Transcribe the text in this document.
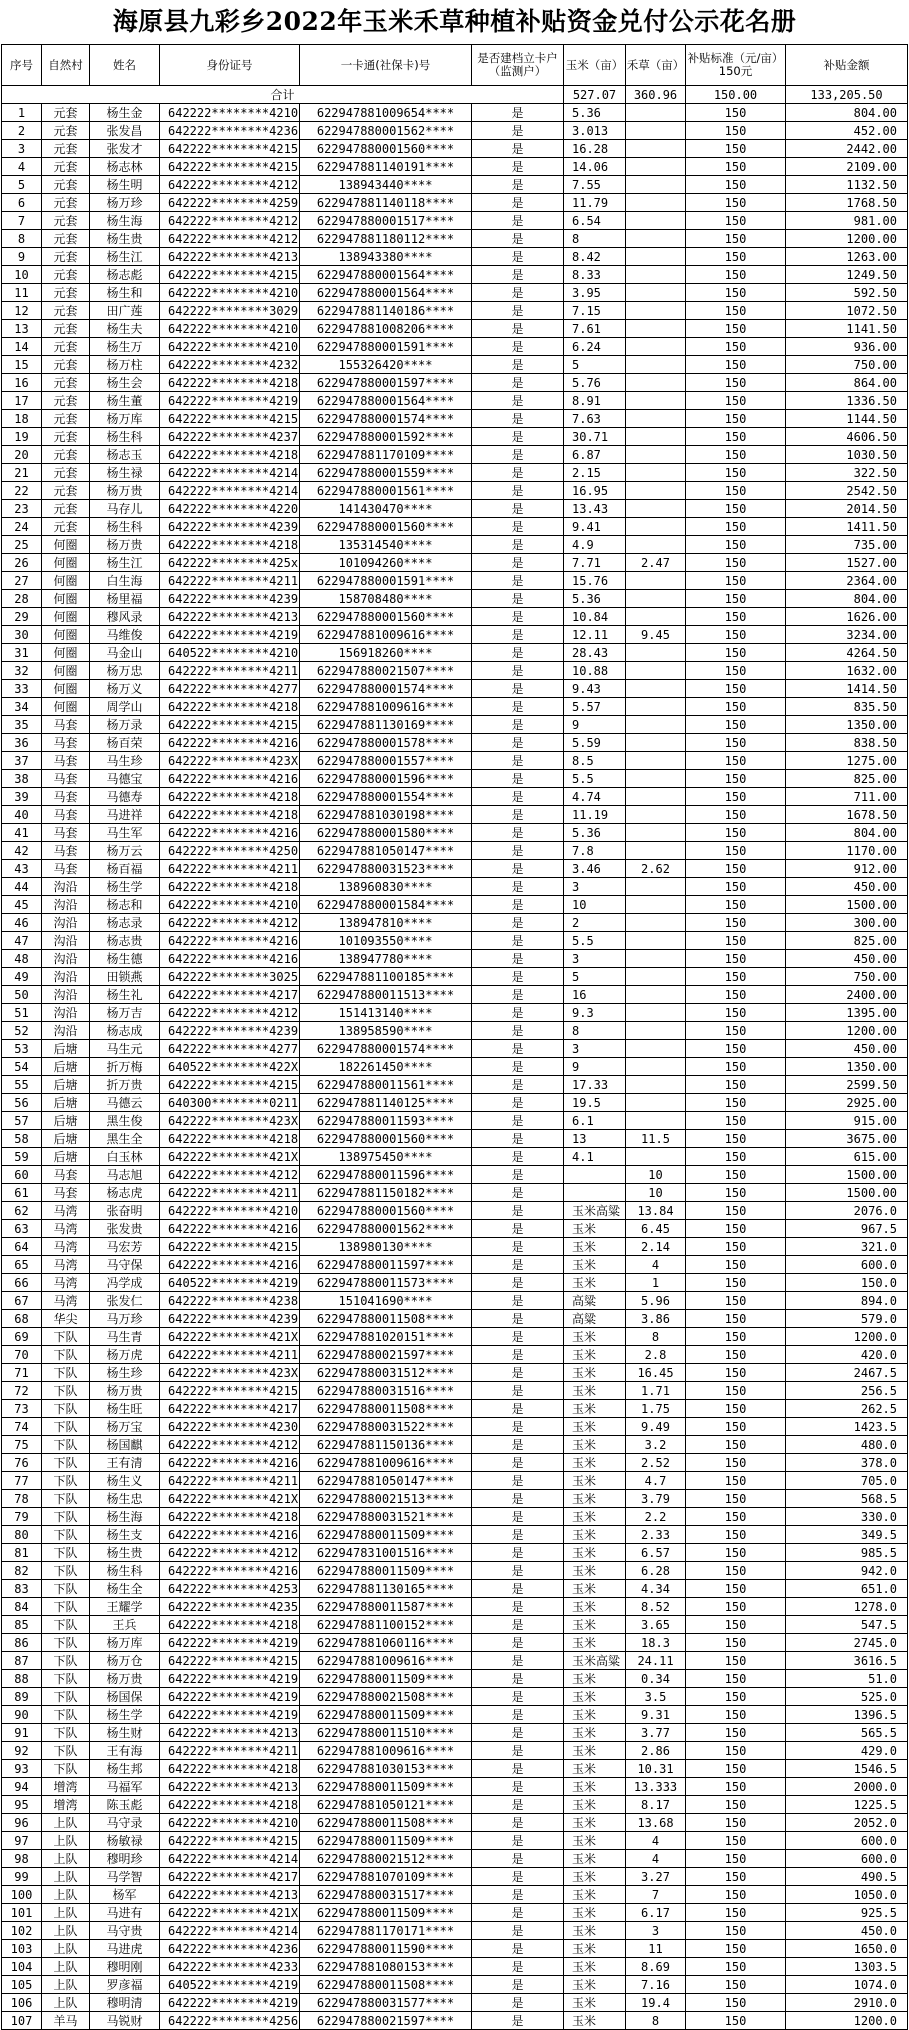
海原县九彩乡2022年玉米禾草种植补贴资金兑付公示花名册
序号	自然村	姓名	身份证号	一卡通(社保卡)号	是否建档立卡户（监测户）	玉米（亩）	禾草（亩）	补贴标准（元/亩）150元	补贴金额
合计						527.07	360.96	150.00	133,205.50
1	元套	杨生金	642222********4210	622947881009654****	是	5.36		150	804.00
2	元套	张发昌	642222********4236	622947880001562****	是	3.013		150	452.00
3	元套	张发才	642222********4215	622947880001560****	是	16.28		150	2442.00
4	元套	杨志林	642222********4215	622947881140191****	是	14.06		150	2109.00
5	元套	杨生明	642222********4212	138943440****	是	7.55		150	1132.50
6	元套	杨万珍	642222********4259	622947881140118****	是	11.79		150	1768.50
7	元套	杨生海	642222********4212	622947880001517****	是	6.54		150	981.00
8	元套	杨生贵	642222********4212	622947881180112****	是	8		150	1200.00
9	元套	杨生江	642222********4213	138943380****	是	8.42		150	1263.00
10	元套	杨志彪	642222********4215	622947880001564****	是	8.33		150	1249.50
11	元套	杨生和	642222********4210	622947880001564****	是	3.95		150	592.50
12	元套	田广莲	642222********3029	622947881140186****	是	7.15		150	1072.50
13	元套	杨生夫	642222********4210	622947881008206****	是	7.61		150	1141.50
14	元套	杨生万	642222********4210	622947880001591****	是	6.24		150	936.00
15	元套	杨万柱	642222********4232	155326420****	是	5		150	750.00
16	元套	杨生会	642222********4218	622947880001597****	是	5.76		150	864.00
17	元套	杨生董	642222********4219	622947880001564****	是	8.91		150	1336.50
18	元套	杨万库	642222********4215	622947880001574****	是	7.63		150	1144.50
19	元套	杨生科	642222********4237	622947880001592****	是	30.71		150	4606.50
20	元套	杨志玉	642222********4218	622947881170109****	是	6.87		150	1030.50
21	元套	杨生禄	642222********4214	622947880001559****	是	2.15		150	322.50
22	元套	杨万贵	642222********4214	622947880001561****	是	16.95		150	2542.50
23	元套	马存儿	642222********4220	141430470****	是	13.43		150	2014.50
24	元套	杨生科	642222********4239	622947880001560****	是	9.41		150	1411.50
25	何圈	杨万贵	642222********4218	135314540****	是	4.9		150	735.00
26	何圈	杨生江	642222********425x	101094260****	是	7.71	2.47	150	1527.00
27	何圈	白生海	642222********4211	622947880001591****	是	15.76		150	2364.00
28	何圈	杨里福	642222********4239	158708480****	是	5.36		150	804.00
29	何圈	穆风录	642222********4213	622947880001560****	是	10.84		150	1626.00
30	何圈	马维俊	642222********4219	622947881009616****	是	12.11	9.45	150	3234.00
31	何圈	马金山	640522********4210	156918260****	是	28.43		150	4264.50
32	何圈	杨万忠	642222********4211	622947880021507****	是	10.88		150	1632.00
33	何圈	杨万义	642222********4277	622947880001574****	是	9.43		150	1414.50
34	何圈	周学山	642222********4218	622947881009616****	是	5.57		150	835.50
35	马套	杨万录	642222********4215	622947881130169****	是	9		150	1350.00
36	马套	杨百荣	642222********4216	622947880001578****	是	5.59		150	838.50
37	马套	马生珍	642222********423X	622947880001557****	是	8.5		150	1275.00
38	马套	马德宝	642222********4216	622947880001596****	是	5.5		150	825.00
39	马套	马德寿	642222********4218	622947880001554****	是	4.74		150	711.00
40	马套	马进祥	642222********4218	622947881030198****	是	11.19		150	1678.50
41	马套	马生军	642222********4216	622947880001580****	是	5.36		150	804.00
42	马套	杨万云	642222********4250	622947881050147****	是	7.8		150	1170.00
43	马套	杨百福	642222********4211	622947880031523****	是	3.46	2.62	150	912.00
44	沟沿	杨生学	642222********4218	138960830****	是	3		150	450.00
45	沟沿	杨志和	642222********4210	622947880001584****	是	10		150	1500.00
46	沟沿	杨志录	642222********4212	138947810****	是	2		150	300.00
47	沟沿	杨志贵	642222********4216	101093550****	是	5.5		150	825.00
48	沟沿	杨生德	642222********4216	138947780****	是	3		150	450.00
49	沟沿	田锁燕	642222********3025	622947881100185****	是	5		150	750.00
50	沟沿	杨生礼	642222********4217	622947880011513****	是	16		150	2400.00
51	沟沿	杨万吉	642222********4212	151413140****	是	9.3		150	1395.00
52	沟沿	杨志成	642222********4239	138958590****	是	8		150	1200.00
53	后塘	马生元	642222********4277	622947880001574****	是	3		150	450.00
54	后塘	折万梅	640522********422X	182261450****	是	9		150	1350.00
55	后塘	折万贵	642222********4215	622947880011561****	是	17.33		150	2599.50
56	后塘	马德云	640300********0211	622947881140125****	是	19.5		150	2925.00
57	后塘	黑生俊	642222********423X	622947880011593****	是	6.1		150	915.00
58	后塘	黑生全	642222********4218	622947880001560****	是	13	11.5	150	3675.00
59	后塘	白玉林	642222********421X	138975450****	是	4.1		150	615.00
60	马套	马志旭	642222********4212	622947880011596****	是		10	150	1500.00
61	马套	杨志虎	642222********4211	622947881150182****	是		10	150	1500.00
62	马湾	张奋明	642222********4210	622947880001560****	是	玉米高粱	13.84	150	2076.0
63	马湾	张发贵	642222********4216	622947880001562****	是	玉米	6.45	150	967.5
64	马湾	马宏芳	642222********4215	138980130****	是	玉米	2.14	150	321.0
65	马湾	马守保	642222********4216	622947880011597****	是	玉米	4	150	600.0
66	马湾	冯学成	640522********4219	622947880011573****	是	玉米	1	150	150.0
67	马湾	张发仁	642222********4238	151041690****	是	高粱	5.96	150	894.0
68	华尖	马万珍	642222********4239	622947880011508****	是	高粱	3.86	150	579.0
69	下队	马生青	642222********421X	622947881020151****	是	玉米	8	150	1200.0
70	下队	杨万虎	642222********4211	622947880021597****	是	玉米	2.8	150	420.0
71	下队	杨生珍	642222********423X	622947880031512****	是	玉米	16.45	150	2467.5
72	下队	杨万贵	642222********4215	622947880031516****	是	玉米	1.71	150	256.5
73	下队	杨生旺	642222********4217	622947880011508****	是	玉米	1.75	150	262.5
74	下队	杨万宝	642222********4230	622947880031522****	是	玉米	9.49	150	1423.5
75	下队	杨国麒	642222********4212	622947881150136****	是	玉米	3.2	150	480.0
76	下队	王有清	642222********4216	622947881009616****	是	玉米	2.52	150	378.0
77	下队	杨生义	642222********4211	622947881050147****	是	玉米	4.7	150	705.0
78	下队	杨生忠	642222********421X	622947880021513****	是	玉米	3.79	150	568.5
79	下队	杨生海	642222********4218	622947880031521****	是	玉米	2.2	150	330.0
80	下队	杨生支	642222********4216	622947880011509****	是	玉米	2.33	150	349.5
81	下队	杨生贵	642222********4212	622947831001516****	是	玉米	6.57	150	985.5
82	下队	杨生科	642222********4216	622947880011509****	是	玉米	6.28	150	942.0
83	下队	杨生全	642222********4253	622947881130165****	是	玉米	4.34	150	651.0
84	下队	王耀学	642222********4235	622947880011587****	是	玉米	8.52	150	1278.0
85	下队	王兵	642222********4218	622947881100152****	是	玉米	3.65	150	547.5
86	下队	杨万库	642222********4219	622947881060116****	是	玉米	18.3	150	2745.0
87	下队	杨万仓	642222********4215	622947881009616****	是	玉米高粱	24.11	150	3616.5
88	下队	杨万贵	642222********4219	622947880011509****	是	玉米	0.34	150	51.0
89	下队	杨国保	642222********4219	622947880021508****	是	玉米	3.5	150	525.0
90	下队	杨生学	642222********4219	622947880011509****	是	玉米	9.31	150	1396.5
91	下队	杨生财	642222********4213	622947880011510****	是	玉米	3.77	150	565.5
92	下队	王有海	642222********4211	622947881009616****	是	玉米	2.86	150	429.0
93	下队	杨生邦	642222********4218	622947881030153****	是	玉米	10.31	150	1546.5
94	增湾	马福军	642222********4213	622947880011509****	是	玉米	13.333	150	2000.0
95	增湾	陈玉彪	642222********4218	622947881050121****	是	玉米	8.17	150	1225.5
96	上队	马守录	642222********4210	622947880011508****	是	玉米	13.68	150	2052.0
97	上队	杨敏禄	642222********4215	622947880011509****	是	玉米	4	150	600.0
98	上队	穆明珍	642222********4214	622947880021512****	是	玉米	4	150	600.0
99	上队	马学智	642222********4217	622947881070109****	是	玉米	3.27	150	490.5
100	上队	杨军	642222********4213	622947880031517****	是	玉米	7	150	1050.0
101	上队	马进有	642222********421X	622947880011509****	是	玉米	6.17	150	925.5
102	上队	马守贵	642222********4214	622947881170171****	是	玉米	3	150	450.0
103	上队	马进虎	642222********4236	622947880011590****	是	玉米	11	150	1650.0
104	上队	穆明刚	642222********4233	622947881080153****	是	玉米	8.69	150	1303.5
105	上队	罗彦福	640522********4219	622947880011508****	是	玉米	7.16	150	1074.0
106	上队	穆明清	642222********4219	622947880031577****	是	玉米	19.4	150	2910.0
107	羊马	马锐财	642222********4256	622947880021597****	是	玉米	8	150	1200.0
